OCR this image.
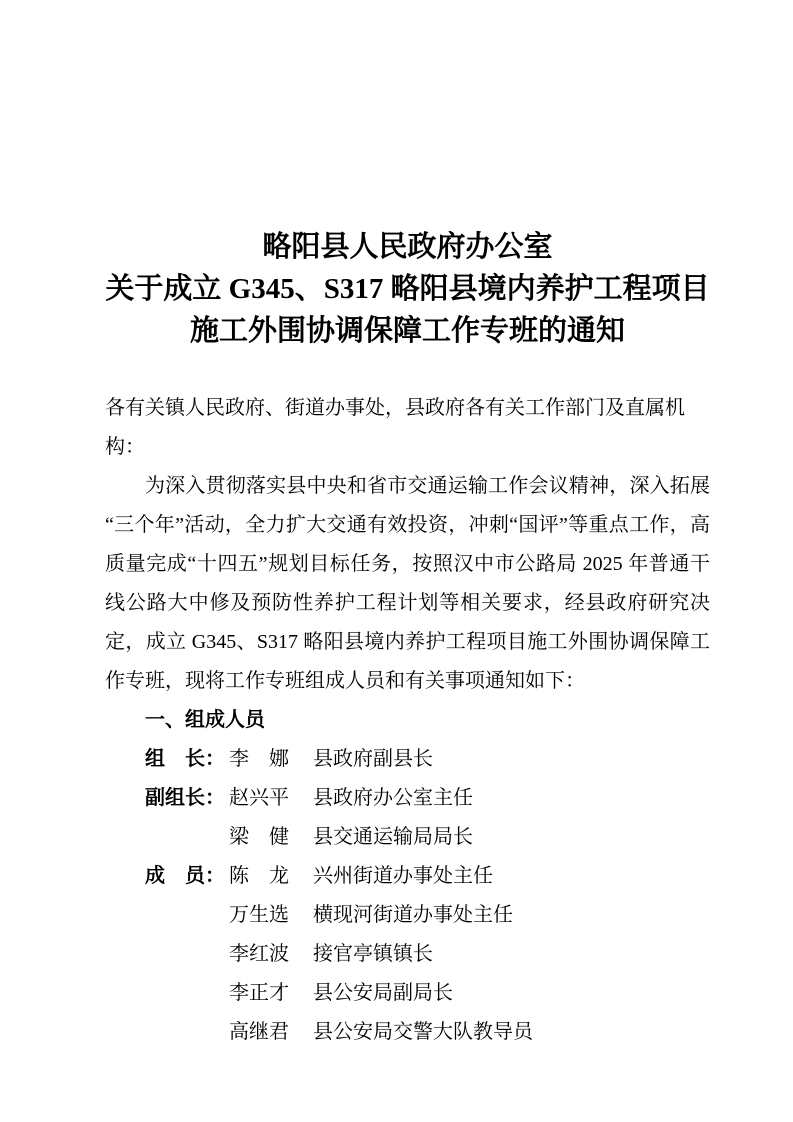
略阳县人民政府办公室
关于成立 G345、S317 略阳县境内养护工程项目
施工外围协调保障工作专班的通知

各有关镇人民政府、街道办事处，县政府各有关工作部门及直属机构：

为深入贯彻落实县中央和省市交通运输工作会议精神，深入拓展“三个年”活动，全力扩大交通有效投资，冲刺“国评”等重点工作，高质量完成“十四五”规划目标任务，按照汉中市公路局 2025 年普通干线公路大中修及预防性养护工程计划等相关要求，经县政府研究决定，成立 G345、S317 略阳县境内养护工程项目施工外围协调保障工作专班，现将工作专班组成人员和有关事项通知如下：

一、组成人员
组　长： 李　娜	县政府副县长
副组长： 赵兴平	县政府办公室主任
梁　健	县交通运输局局长
成　员： 陈　龙	兴州街道办事处主任
万生选	横现河街道办事处主任
李红波	接官亭镇镇长
李正才	县公安局副局长
高继君	县公安局交警大队教导员
